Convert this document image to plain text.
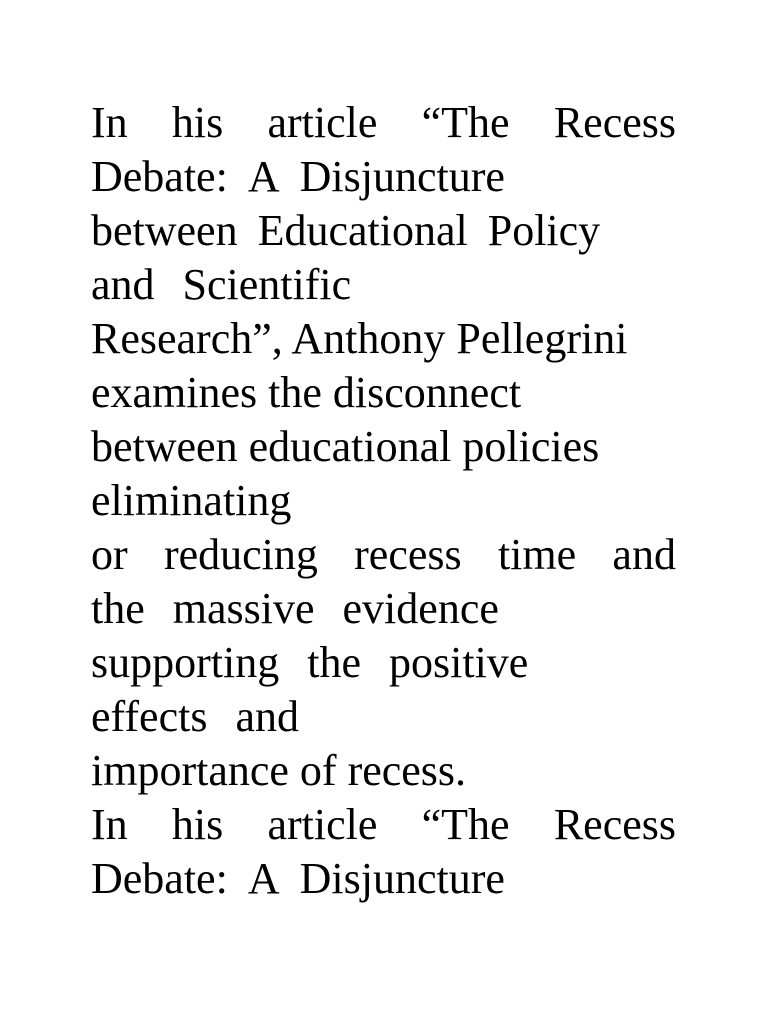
In his article “The Recess
Debate: A Disjuncture
between Educational Policy
and Scientific
Research”, Anthony Pellegrini
examines the disconnect
between educational policies
eliminating
or reducing recess time and
the massive evidence
supporting the positive
effects and
importance of recess.
In his article “The Recess
Debate: A Disjuncture
